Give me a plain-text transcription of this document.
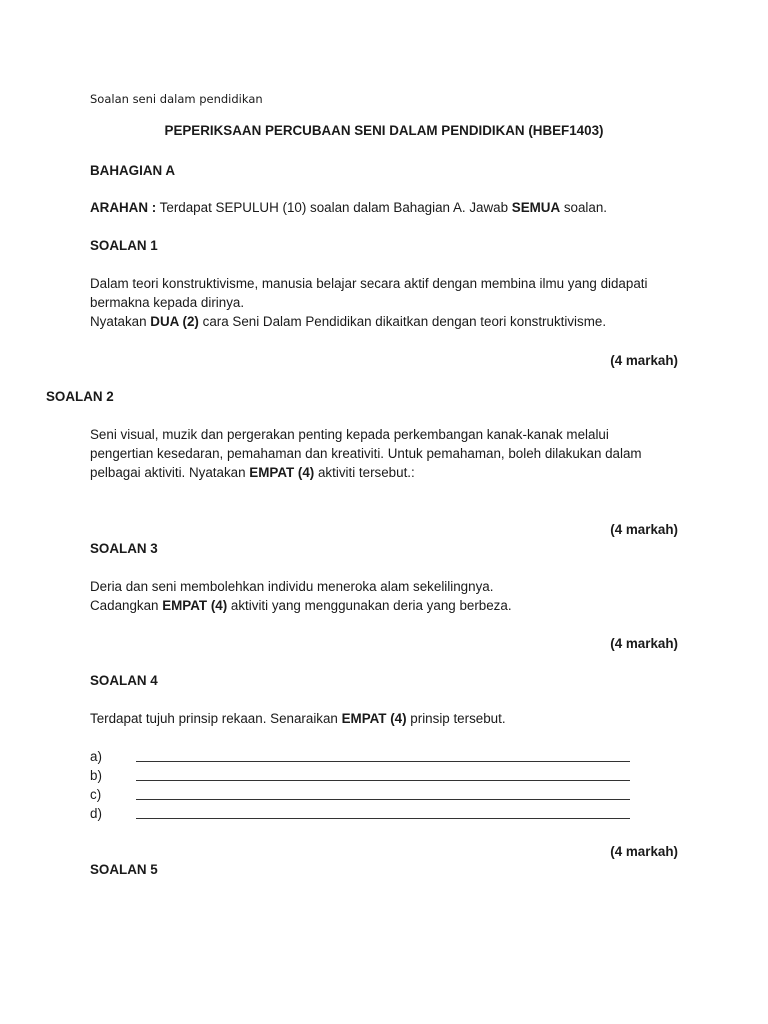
Soalan seni dalam pendidikan
PEPERIKSAAN PERCUBAAN SENI DALAM PENDIDIKAN (HBEF1403)
BAHAGIAN A
ARAHAN : Terdapat SEPULUH (10) soalan dalam Bahagian A. Jawab SEMUA soalan.
SOALAN 1

Dalam teori konstruktivisme, manusia belajar secara aktif dengan membina ilmu yang didapati

bermakna kepada dirinya.

Nyatakan DUA (2) cara Seni Dalam Pendidikan dikaitkan dengan teori konstruktivisme.

(4 markah)
SOALAN 2

Seni visual, muzik dan pergerakan penting kepada perkembangan kanak-kanak melalui

pengertian kesedaran, pemahaman dan kreativiti. Untuk pemahaman, boleh dilakukan dalam

pelbagai aktiviti. Nyatakan EMPAT (4) aktiviti tersebut.:

(4 markah)
SOALAN 3

Deria dan seni membolehkan individu meneroka alam sekelilingnya.

Cadangkan EMPAT (4) aktiviti yang menggunakan deria yang berbeza.

(4 markah)
SOALAN 4

Terdapat tujuh prinsip rekaan. Senaraikan EMPAT (4) prinsip tersebut.

a)
b)
c)
d)
(4 markah)
SOALAN 5
